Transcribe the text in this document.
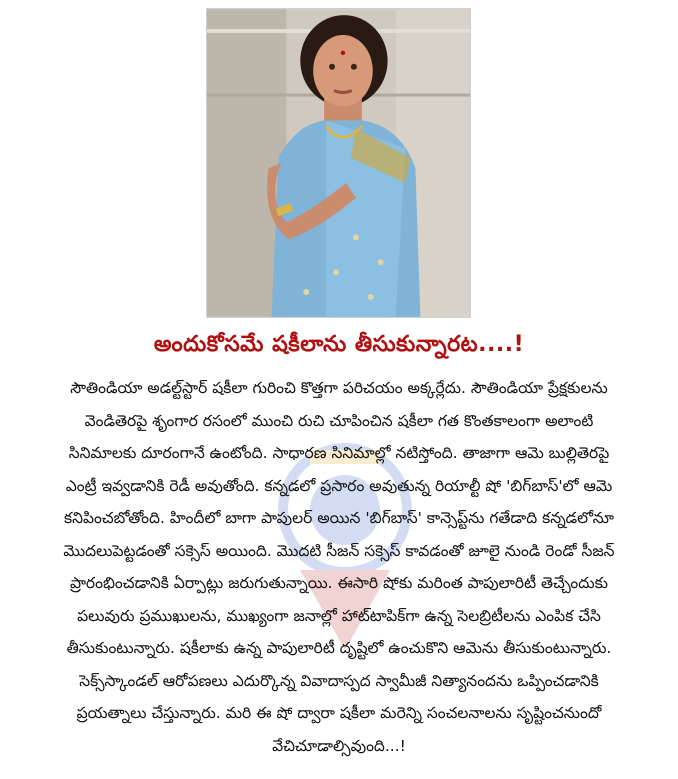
అందుకోసమే షకీలాను తీసుకున్నారట....!
సౌతిండియా అడల్ట్‌స్టార్ షకీలా గురించి కొత్తగా పరిచయం అక్కర్లేదు. సౌతిండియా ప్రేక్షకులను
వెండితెరపై శృంగార రసంలో ముంచి రుచి చూపించిన షకీలా గత కొంతకాలంగా అలాంటి
సినిమాలకు దూరంగానే ఉంటోంది. సాధారణ సినిమాల్లో నటిస్తోంది. తాజాగా ఆమె బుల్లితెరపై
ఎంట్రీ ఇవ్వడానికి రెడీ అవుతోంది. కన్నడలో ప్రసారం అవుతున్న రియాల్టీ షో 'బిగ్‌బాస్'లో ఆమె
కనిపించబోతోంది. హిందీలో బాగా పాపులర్ అయిన 'బిగ్‌బాస్' కాన్సెప్ట్‌ను గతేడాది కన్నడలోనూ
మొదలుపెట్టడంతో సక్సెస్ అయింది. మొదటి సీజన్ సక్సెస్ కావడంతో జూలై నుండి రెండో సీజన్
ప్రారంభించడానికి ఏర్పాట్లు జరుగుతున్నాయి. ఈసారి షోకు మరింత పాపులారిటీ తెచ్చేందుకు
పలువురు ప్రముఖులను, ముఖ్యంగా జనాల్లో హాట్‌టాపిక్‌గా ఉన్న సెలబ్రిటీలను ఎంపిక చేసి
తీసుకుంటున్నారు. షకీలాకు ఉన్న పాపులారిటీ దృష్టిలో ఉంచుకొని ఆమెను తీసుకుంటున్నారు.
సెక్స్‌స్కాండల్ ఆరోపణలు ఎదుర్కొన్న వివాదాస్పద స్వామీజీ నిత్యానందను ఒప్పించడానికి
ప్రయత్నాలు చేస్తున్నారు. మరి ఈ షో ద్వారా షకీలా మరెన్ని సంచలనాలను సృష్టించనుందో
వేచిచూడాల్సివుంది...!
